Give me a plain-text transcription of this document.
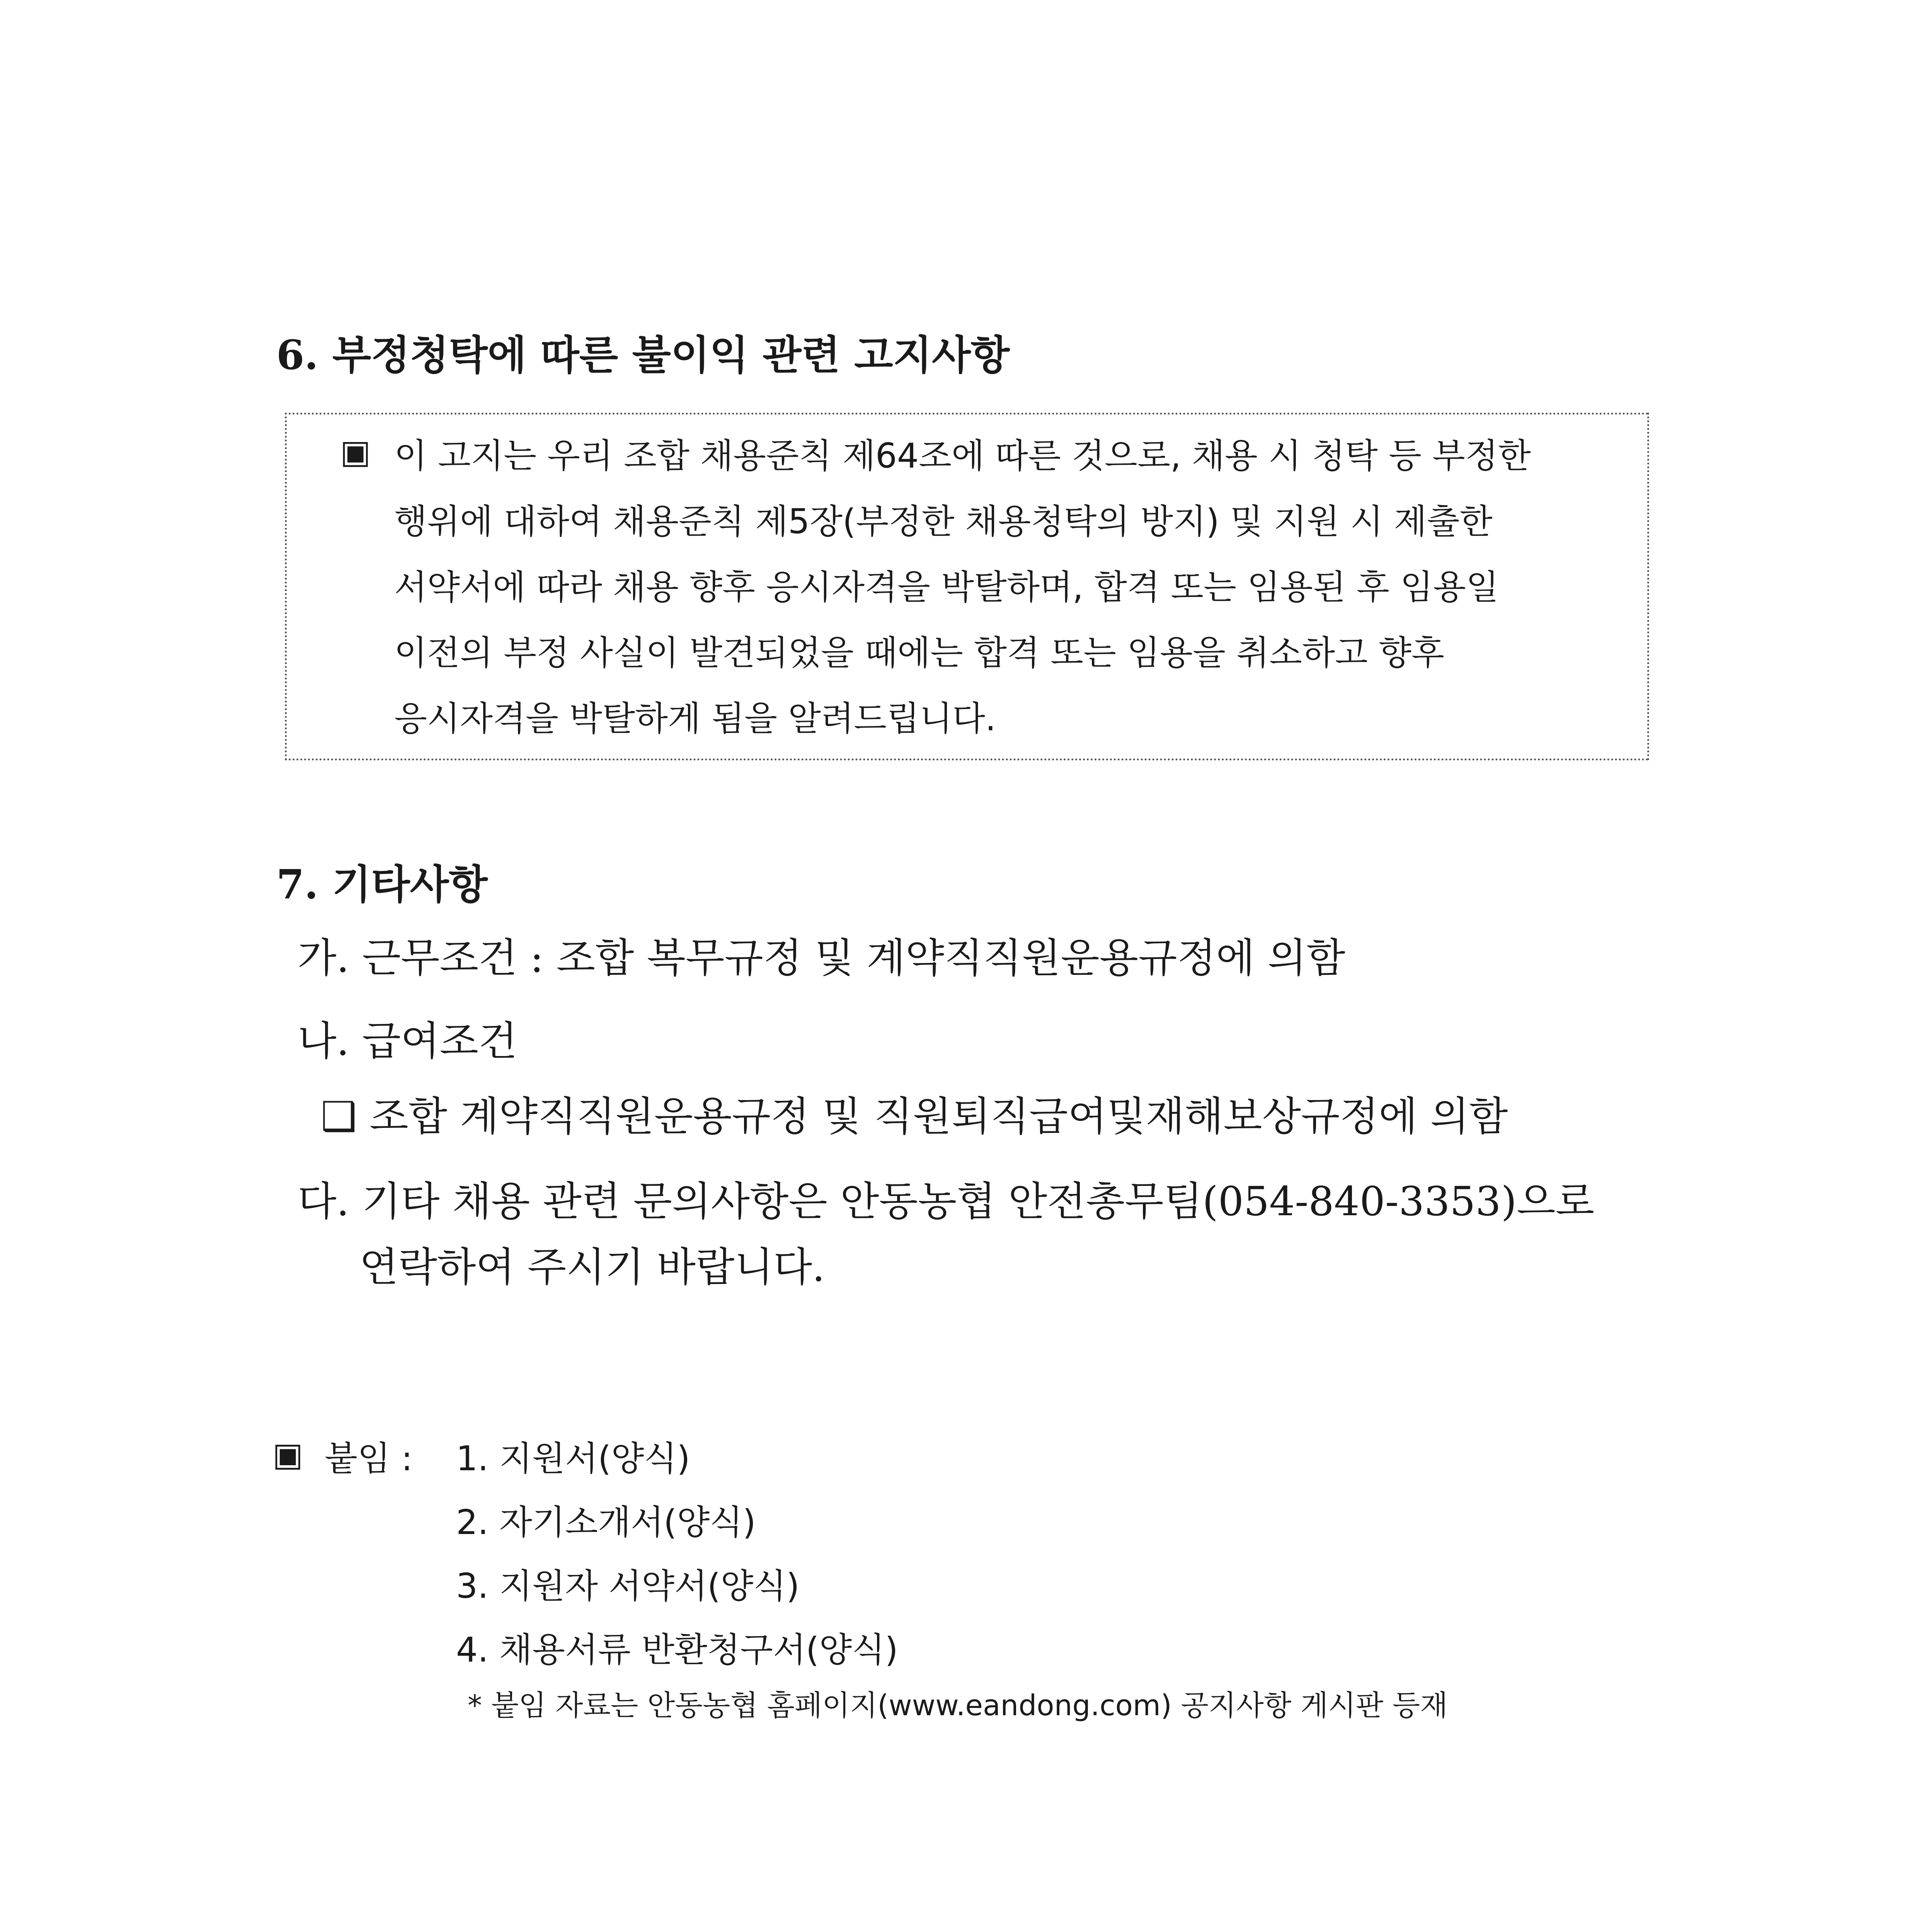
6. 부정청탁에 따른 불이익 관련 고지사항
▣ 이 고지는 우리 조합 채용준칙 제64조에 따른 것으로, 채용 시 청탁 등 부정한
행위에 대하여 채용준칙 제5장(부정한 채용청탁의 방지) 및 지원 시 제출한
서약서에 따라 채용 향후 응시자격을 박탈하며, 합격 또는 임용된 후 임용일
이전의 부정 사실이 발견되었을 때에는 합격 또는 임용을 취소하고 향후
응시자격을 박탈하게 됨을 알려드립니다.
7. 기타사항
가. 근무조건 : 조합 복무규정 및 계약직직원운용규정에 의함
나. 급여조건
❑ 조합 계약직직원운용규정 및 직원퇴직급여및재해보상규정에 의함
다. 기타 채용 관련 문의사항은 안동농협 안전총무팀(054-840-3353)으로
연락하여 주시기 바랍니다.
▣ 붙임 : 1. 지원서(양식)
2. 자기소개서(양식)
3. 지원자 서약서(양식)
4. 채용서류 반환청구서(양식)
* 붙임 자료는 안동농협 홈페이지(www.eandong.com) 공지사항 게시판 등재
